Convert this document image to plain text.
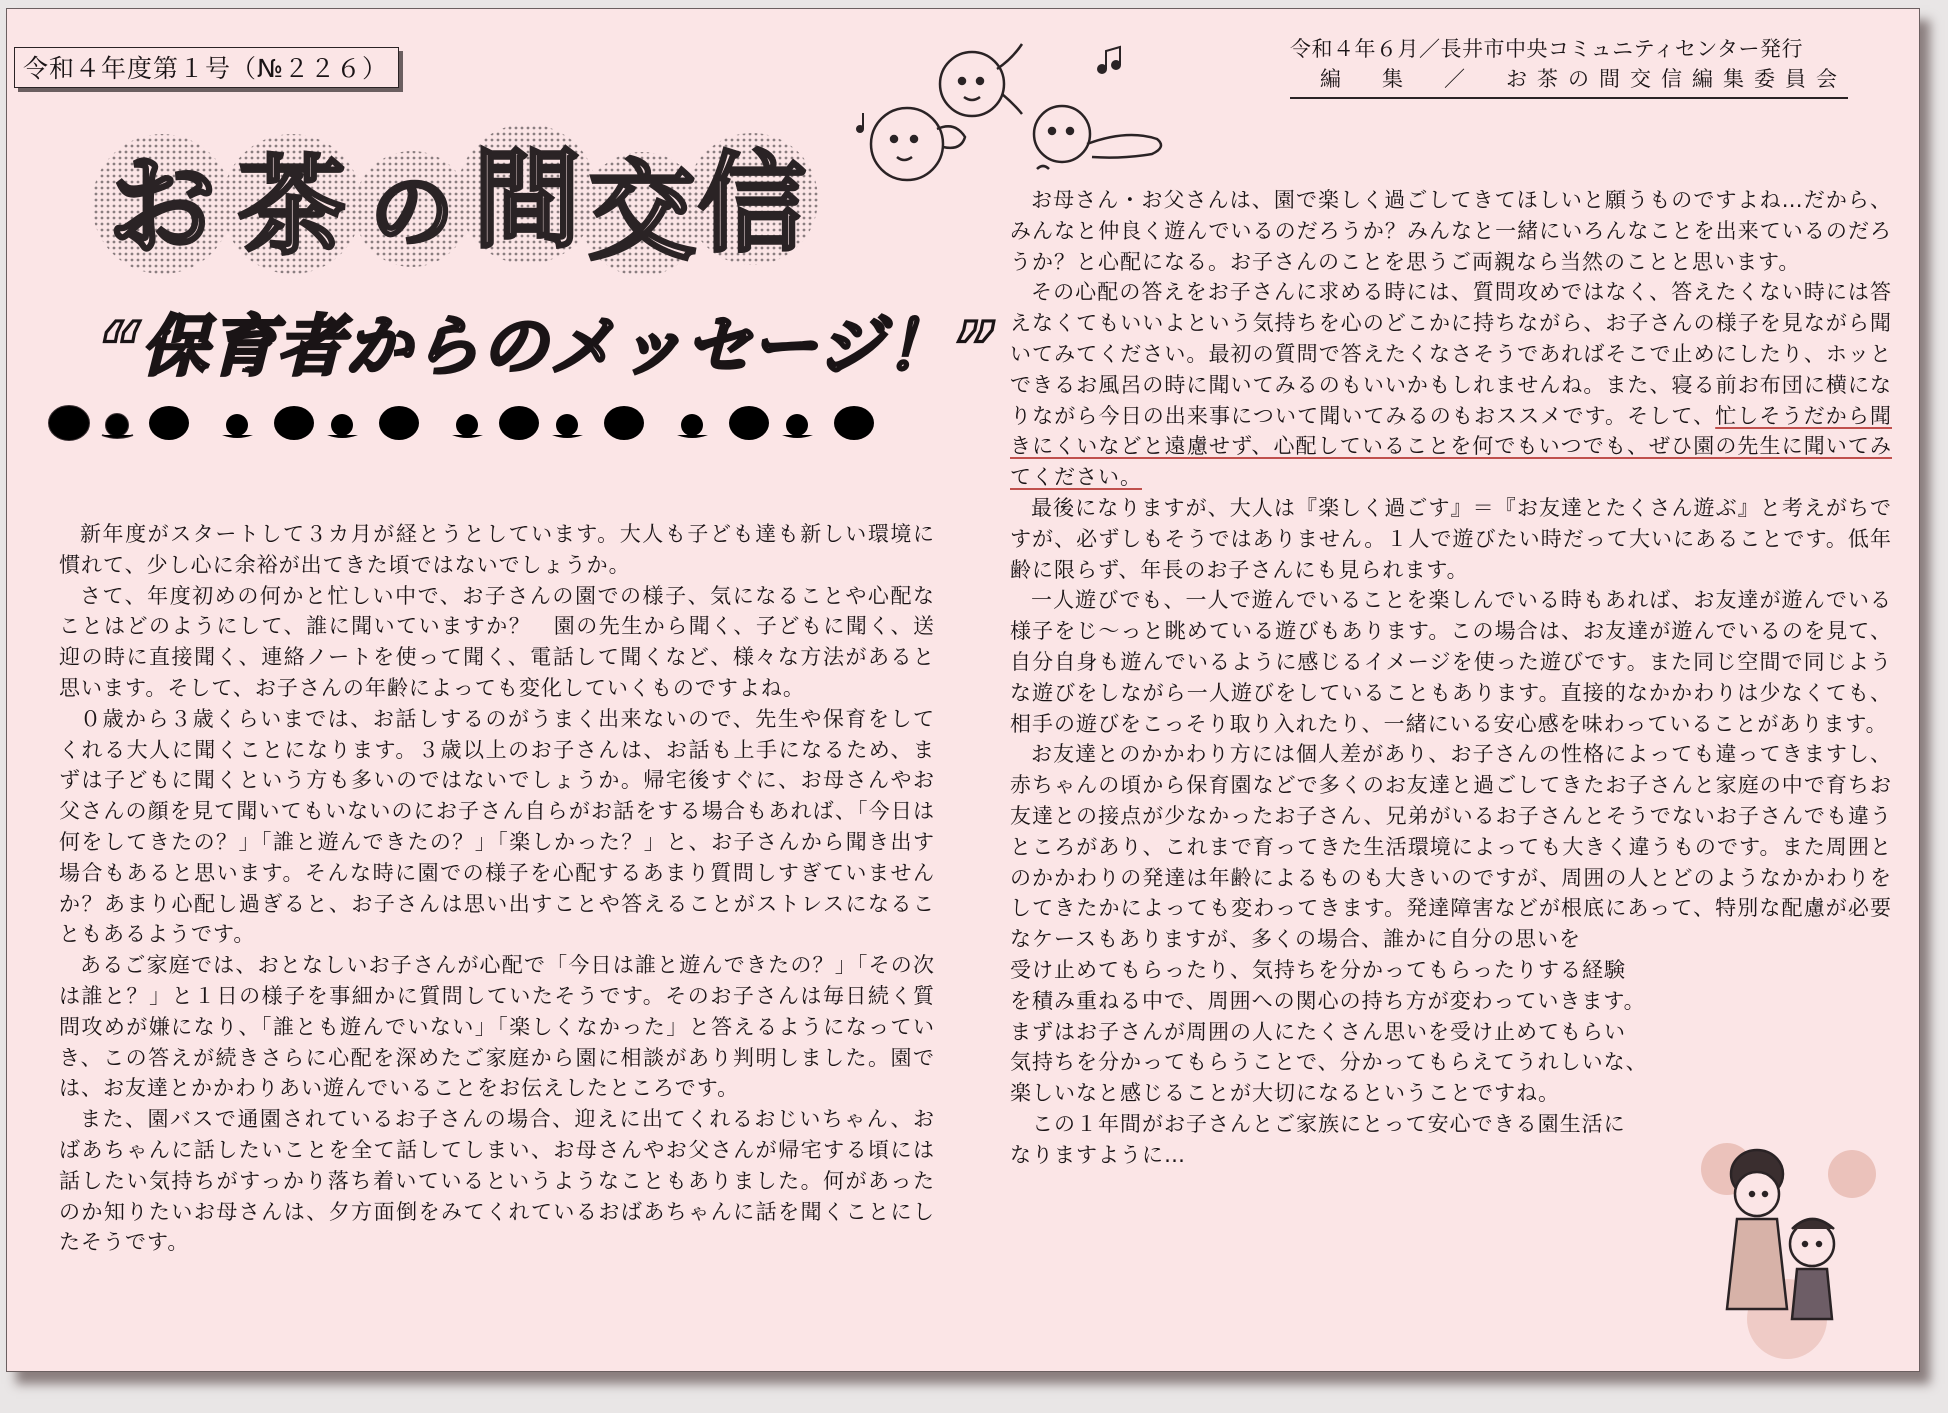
令和４年度第１号（№２２６）
令和４年６月／長井市中央コミュニティセンター発行
編　集　／　お茶の間交信編集委員会
お 茶 の 間 交 信
“保育者からのメッセージ！”

新年度がスタートして３カ月が経とうとしています。大人も子ども達も新しい環境に慣れて、少し心に余裕が出てきた頃ではないでしょうか。

さて、年度初めの何かと忙しい中で、お子さんの園での様子、気になることや心配なことはどのようにして、誰に聞いていますか？　園の先生から聞く、子どもに聞く、送迎の時に直接聞く、連絡ノートを使って聞く、電話して聞くなど、様々な方法があると思います。そして、お子さんの年齢によっても変化していくものですよね。

０歳から３歳くらいまでは、お話しするのがうまく出来ないので、先生や保育をしてくれる大人に聞くことになります。３歳以上のお子さんは、お話も上手になるため、まずは子どもに聞くという方も多いのではないでしょうか。帰宅後すぐに、お母さんやお父さんの顔を見て聞いてもいないのにお子さん自らがお話をする場合もあれば、「今日は何をしてきたの？」「誰と遊んできたの？」「楽しかった？」と、お子さんから聞き出す場合もあると思います。そんな時に園での様子を心配するあまり質問しすぎていませんか？あまり心配し過ぎると、お子さんは思い出すことや答えることがストレスになることもあるようです。

あるご家庭では、おとなしいお子さんが心配で「今日は誰と遊んできたの？」「その次は誰と？」と１日の様子を事細かに質問していたそうです。そのお子さんは毎日続く質問攻めが嫌になり、「誰とも遊んでいない」「楽しくなかった」と答えるようになっていき、この答えが続きさらに心配を深めたご家庭から園に相談があり判明しました。園では、お友達とかかわりあい遊んでいることをお伝えしたところです。

また、園バスで通園されているお子さんの場合、迎えに出てくれるおじいちゃん、おばあちゃんに話したいことを全て話してしまい、お母さんやお父さんが帰宅する頃には話したい気持ちがすっかり落ち着いているというようなこともありました。何があったのか知りたいお母さんは、夕方面倒をみてくれているおばあちゃんに話を聞くことにしたそうです。

お母さん・お父さんは、園で楽しく過ごしてきてほしいと願うものですよね…だから、みんなと仲良く遊んでいるのだろうか？みんなと一緒にいろんなことを出来ているのだろうか？と心配になる。お子さんのことを思うご両親なら当然のことと思います。

その心配の答えをお子さんに求める時には、質問攻めではなく、答えたくない時には答えなくてもいいよという気持ちを心のどこかに持ちながら、お子さんの様子を見ながら聞いてみてください。最初の質問で答えたくなさそうであればそこで止めにしたり、ホッとできるお風呂の時に聞いてみるのもいいかもしれませんね。また、寝る前お布団に横になりながら今日の出来事について聞いてみるのもおススメです。そして、忙しそうだから聞きにくいなどと遠慮せず、心配していることを何でもいつでも、ぜひ園の先生に聞いてみてください。

最後になりますが、大人は『楽しく過ごす』＝『お友達とたくさん遊ぶ』と考えがちですが、必ずしもそうではありません。１人で遊びたい時だって大いにあることです。低年齢に限らず、年長のお子さんにも見られます。

一人遊びでも、一人で遊んでいることを楽しんでいる時もあれば、お友達が遊んでいる様子をじ～っと眺めている遊びもあります。この場合は、お友達が遊んでいるのを見て、自分自身も遊んでいるように感じるイメージを使った遊びです。また同じ空間で同じような遊びをしながら一人遊びをしていることもあります。直接的なかかわりは少なくても、相手の遊びをこっそり取り入れたり、一緒にいる安心感を味わっていることがあります。

お友達とのかかわり方には個人差があり、お子さんの性格によっても違ってきますし、赤ちゃんの頃から保育園などで多くのお友達と過ごしてきたお子さんと家庭の中で育ちお友達との接点が少なかったお子さん、兄弟がいるお子さんとそうでないお子さんでも違うところがあり、これまで育ってきた生活環境によっても大きく違うものです。また周囲とのかかわりの発達は年齢によるものも大きいのですが、周囲の人とどのようなかかわりをしてきたかによっても変わってきます。発達障害などが根底にあって、特別な配慮が必要なケースもありますが、多くの場合、誰かに自分の思いを

受け止めてもらったり、気持ちを分かってもらったりする経験
を積み重ねる中で、周囲への関心の持ち方が変わっていきます。
まずはお子さんが周囲の人にたくさん思いを受け止めてもらい
気持ちを分かってもらうことで、分かってもらえてうれしいな、
楽しいなと感じることが大切になるということですね。
　この１年間がお子さんとご家族にとって安心できる園生活に
なりますように…
